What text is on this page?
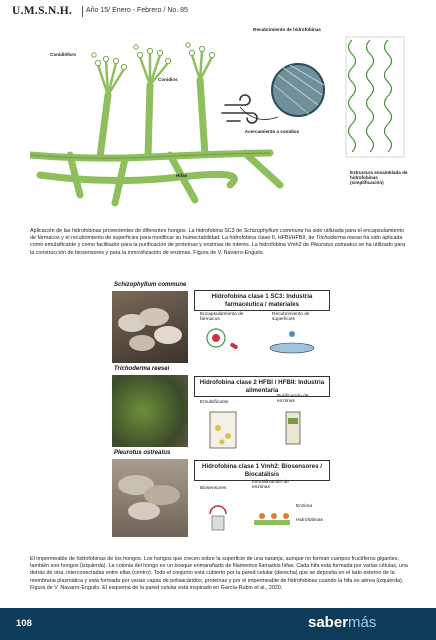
U.M.S.N.H. Año 15/ Enero - Febrero / No. 85
Conidióforo
Conidios
Hifas
Recubrimiento de hidrofobinas
Acercamiento a conidios
Estructura ensamblada de hidrofobinas (simplificación)
Aplicación de las hidrofobinas provenientes de diferentes hongos. La hidrofobina SC3 de Schizophyllum commune ha sido utilizada para el encapsulamiento de fármacos y el recubrimiento de superficies para modificar su humectabilidad. La hidrofobina clase II, HFBI/HFBII, de Trichoderma reesei ha sido aplicada como emulsificante y como facilitador para la purificación de proteínas y enzimas de interés. La hidrofobina Vmh2 de Pleurotus ostreatus se ha utilizado para la construcción de biosensores y para la inmovilización de enzimas. Figura de V. Navarro-Enguilo.
Schizophyllum commune
Hidrofobina clase 1 SC3: Industria farmacéutica / materiales
Encapsulamiento de fármacos
Recubrimiento de superficies
Trichoderma reesei
Hidrofobina clase 2 HFBI / HFBII: Industria alimentaria
Emulsificante
Purificación de enzimas
Pleurotus ostreatus
Hidrofobina clase 1 Vmh2: Biosensores / Biocatálisis
Biosensores
Inmovilización de enzimas
Enzima
Hidrofobinas
El impermeable de hidrofobinas de los hongos. Los hongos que crecen sobre la superficie de una naranja, aunque no forman cuerpos fructíferos gigantes, también son hongos (izquierda). La colonia del hongo es un bosque enmarañado de filamentos llamados hifas. Cada hifa está formada por varias células, una detrás de otra, interconectadas entre ellas (centro). Todo el conjunto está cubierto por la pared celular (derecha) que se deposita en el lado externo de la membrana plasmática y está formada por varias capas de polisacáridos, proteínas y por el impermeable de hidrofobinas cuando la hifa es aérea (izquierda). Figura de V. Navarro-Enguilo. El esquema de la pared celular está inspirado en García-Rubio et al., 2020.
108	sabermás
